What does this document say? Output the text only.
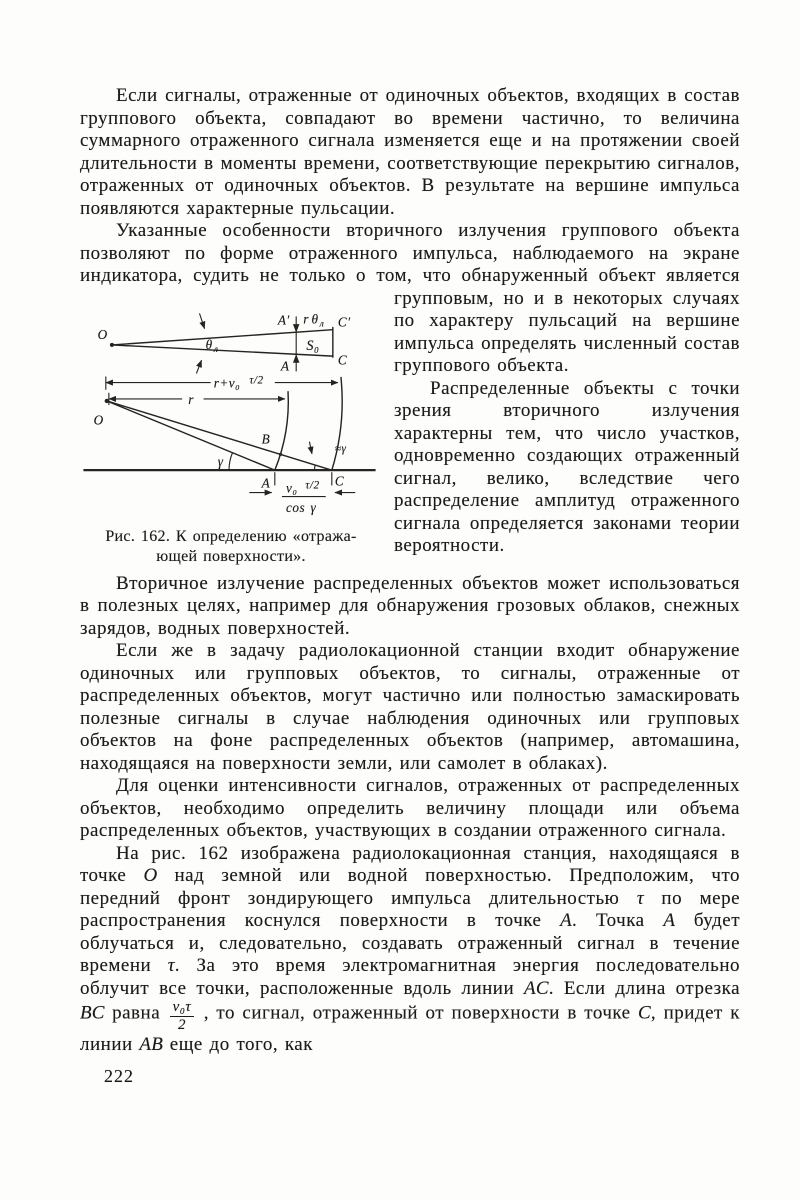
Если сигналы, отраженные от одиночных объектов, входящих в состав группового объекта, совпадают во времени частично, то величина суммарного отраженного сигнала изменяется еще и на протяжении своей длительности в моменты времени, соответствующие перекрытию сигналов, отраженных от одиночных объектов. В результате на вершине импульса появляются характерные пульсации.
Указанные особенности вторичного излучения группового объекта позволяют по форме отраженного импульса, наблюдаемого на экране индикатора, судить не только о том, что обнаруженный
O
θ л
A′ r θ л C′
S₀
C
A
r+v₀ τ/2
r
O
B
γ
≈γ
A	C
v₀ τ/2
cos γ
Рис. 162. К определению «отража-
ющей поверхности».
объект является групповым, но и в некоторых случаях по характеру пульсаций на вершине импульса определять численный состав группового объекта.
Распределенные объекты с точки зрения вторичного излучения характерны тем, что число участков, одновременно создающих отраженный сигнал, велико, вследствие чего распределение амплитуд отраженного сигнала определяется законами теории вероятности.
Вторичное излучение распределенных объектов может использоваться в полезных целях, например для обнаружения грозовых облаков, снежных зарядов, водных поверхностей.
Если же в задачу радиолокационной станции входит обнаружение одиночных или групповых объектов, то сигналы, отраженные от распределенных объектов, могут частично или полностью замаскировать полезные сигналы в случае наблюдения одиночных или групповых объектов на фоне распределенных объектов (например, автомашина, находящаяся на поверхности земли, или самолет в облаках).
Для оценки интенсивности сигналов, отраженных от распределенных объектов, необходимо определить величину площади или объема распределенных объектов, участвующих в создании отраженного сигнала.
На рис. 162 изображена радиолокационная станция, находящаяся в точке O над земной или водной поверхностью. Предположим, что передний фронт зондирующего импульса длительностью τ по мере распространения коснулся поверхности в точке A. Точка A будет облучаться и, следовательно, создавать отраженный сигнал в течение времени τ. За это время электромагнитная энергия последовательно облучит все точки, расположенные вдоль линии AC. Если длина отрезка BC равна $\frac{\text{v₀τ}}{2}$ , то сигнал, отраженный от поверхности в точке C, придет к линии AB еще до того, как
222
